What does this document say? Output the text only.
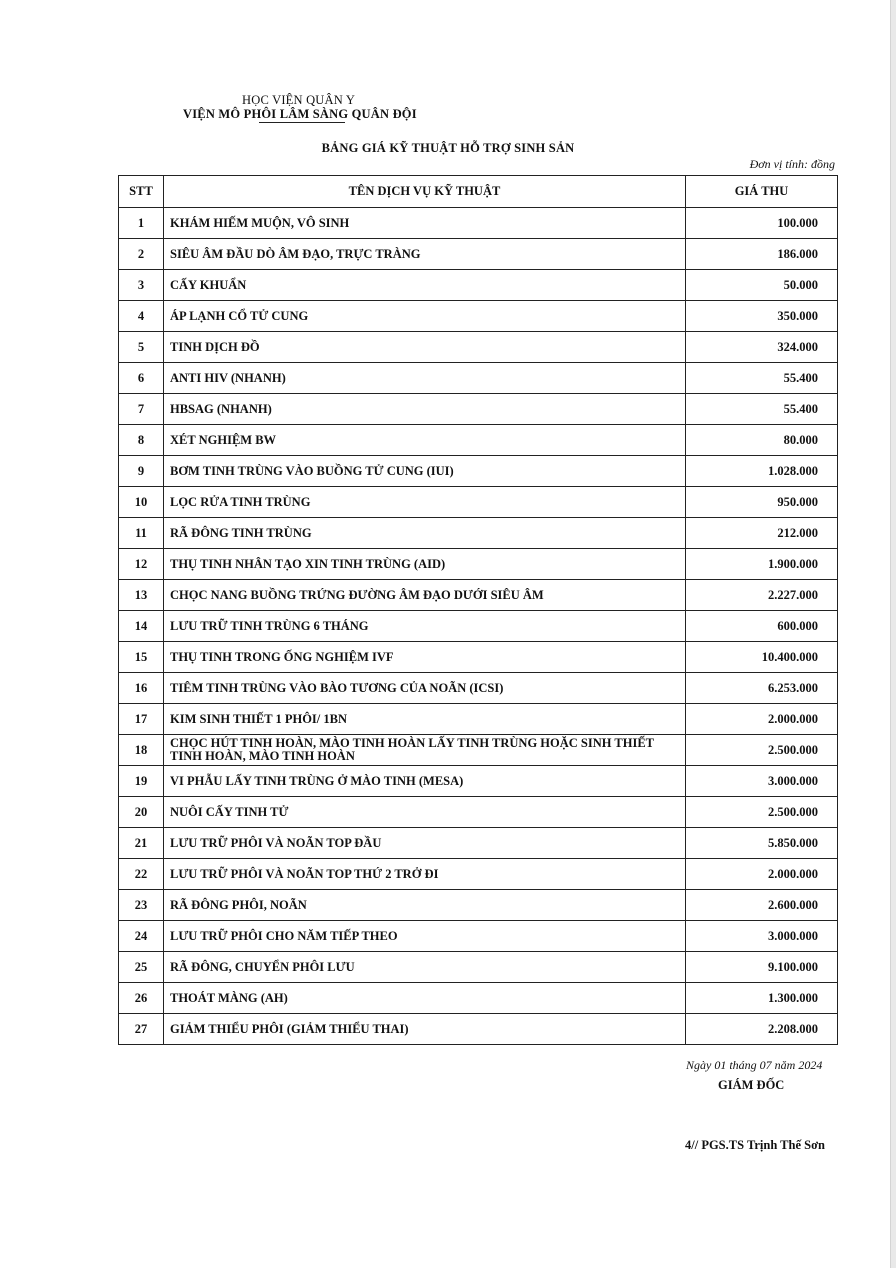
HỌC VIỆN QUÂN Y
VIỆN MÔ PHÔI LÂM SÀNG QUÂN ĐỘI
BẢNG GIÁ KỸ THUẬT HỖ TRỢ SINH SẢN
Đơn vị tính: đồng
STT	TÊN DỊCH VỤ KỸ THUẬT	GIÁ THU
1	KHÁM HIẾM MUỘN, VÔ SINH	100.000
2	SIÊU ÂM ĐẦU DÒ ÂM ĐẠO, TRỰC TRÀNG	186.000
3	CẤY KHUẨN	50.000
4	ÁP LẠNH CỔ TỬ CUNG	350.000
5	TINH DỊCH ĐỒ	324.000
6	ANTI HIV (NHANH)	55.400
7	HBSAG (NHANH)	55.400
8	XÉT NGHIỆM BW	80.000
9	BƠM TINH TRÙNG VÀO BUỒNG TỬ CUNG (IUI)	1.028.000
10	LỌC RỬA TINH TRÙNG	950.000
11	RÃ ĐÔNG TINH TRÙNG	212.000
12	THỤ TINH NHÂN TẠO XIN TINH TRÙNG (AID)	1.900.000
13	CHỌC NANG BUỒNG TRỨNG ĐƯỜNG ÂM ĐẠO DƯỚI SIÊU ÂM	2.227.000
14	LƯU TRỮ TINH TRÙNG 6 THÁNG	600.000
15	THỤ TINH TRONG ỐNG NGHIỆM IVF	10.400.000
16	TIÊM TINH TRÙNG VÀO BÀO TƯƠNG CỦA NOÃN (ICSI)	6.253.000
17	KIM SINH THIẾT 1 PHÔI/ 1BN	2.000.000
18	CHỌC HÚT TINH HOÀN, MÀO TINH HOÀN LẤY TINH TRÙNG HOẶC SINH THIẾT TINH HOÀN, MÀO TINH HOÀN	2.500.000
19	VI PHẪU LẤY TINH TRÙNG Ở MÀO TINH (MESA)	3.000.000
20	NUÔI CẤY TINH TỬ	2.500.000
21	LƯU TRỮ PHÔI VÀ NOÃN TOP ĐẦU	5.850.000
22	LƯU TRỮ PHÔI VÀ NOÃN TOP THỨ 2 TRỞ ĐI	2.000.000
23	RÃ ĐÔNG PHÔI, NOÃN	2.600.000
24	LƯU TRỮ PHÔI CHO NĂM TIẾP THEO	3.000.000
25	RÃ ĐÔNG, CHUYỂN PHÔI LƯU	9.100.000
26	THOÁT MÀNG (AH)	1.300.000
27	GIẢM THIỂU PHÔI (GIẢM THIỂU THAI)	2.208.000
Ngày 01 tháng 07 năm 2024
GIÁM ĐỐC
4// PGS.TS Trịnh Thế Sơn
